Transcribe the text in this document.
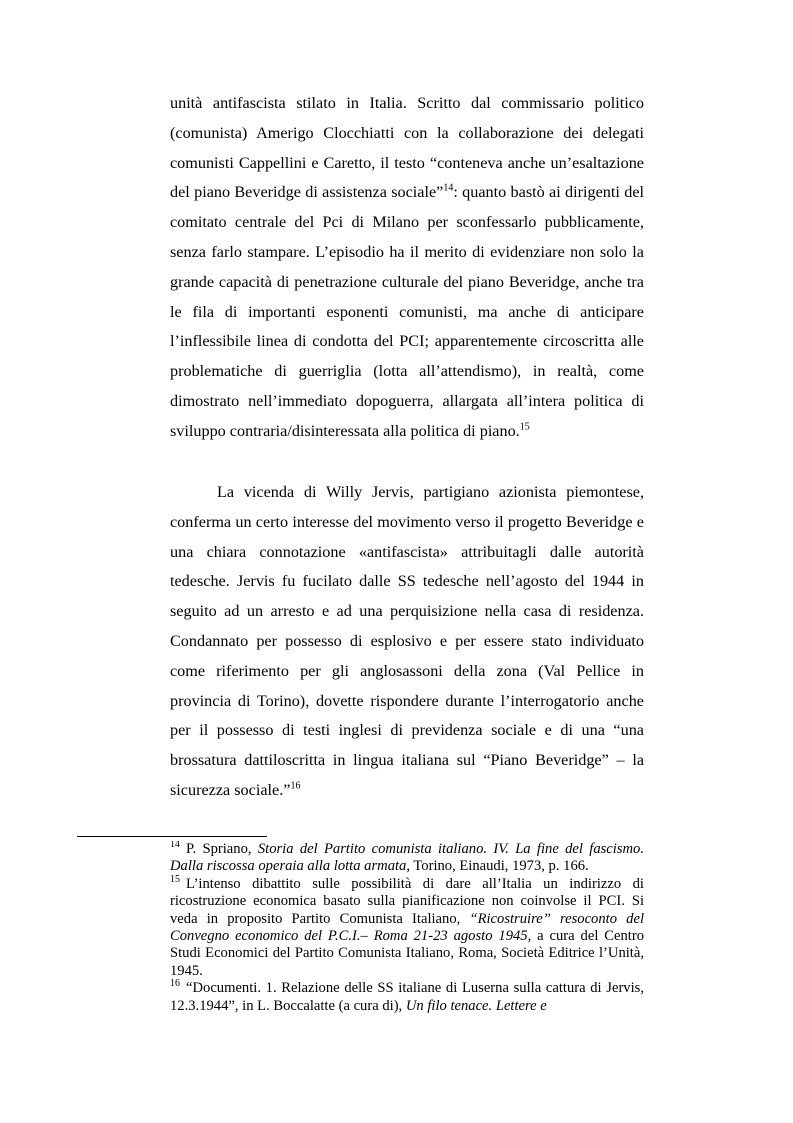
unità antifascista stilato in Italia. Scritto dal commissario politico (comunista) Amerigo Clocchiatti con la collaborazione dei delegati comunisti Cappellini e Caretto, il testo “conteneva anche un’esaltazione del piano Beveridge di assistenza sociale”$^{14}$: quanto bastò ai dirigenti del comitato centrale del Pci di Milano per sconfessarlo pubblicamente, senza farlo stampare. L’episodio ha il merito di evidenziare non solo la grande capacità di penetrazione culturale del piano Beveridge, anche tra le fila di importanti esponenti comunisti, ma anche di anticipare l’inflessibile linea di condotta del PCI; apparentemente circoscritta alle problematiche di guerriglia (lotta all’attendismo), in realtà, come dimostrato nell’immediato dopoguerra, allargata all’intera politica di sviluppo contraria/disinteressata alla politica di piano.$^{15}$

La vicenda di Willy Jervis, partigiano azionista piemontese, conferma un certo interesse del movimento verso il progetto Beveridge e una chiara connotazione «antifascista» attribuitagli dalle autorità tedesche. Jervis fu fucilato dalle SS tedesche nell’agosto del 1944 in seguito ad un arresto e ad una perquisizione nella casa di residenza. Condannato per possesso di esplosivo e per essere stato individuato come riferimento per gli anglosassoni della zona (Val Pellice in provincia di Torino), dovette rispondere durante l’interrogatorio anche per il possesso di testi inglesi di previdenza sociale e di una “una brossatura dattiloscritta in lingua italiana sul “Piano Beveridge” – la sicurezza sociale.”$^{16}$

$^{14}$ P. Spriano, Storia del Partito comunista italiano. IV. La fine del fascismo. Dalla riscossa operaia alla lotta armata, Torino, Einaudi, 1973, p. 166.

$^{15}$ L’intenso dibattito sulle possibilità di dare all’Italia un indirizzo di ricostruzione economica basato sulla pianificazione non coinvolse il PCI. Si veda in proposito Partito Comunista Italiano, “Ricostruire” resoconto del Convegno economico del P.C.I.– Roma 21-23 agosto 1945, a cura del Centro Studi Economici del Partito Comunista Italiano, Roma, Società Editrice l’Unità, 1945.

$^{16}$ “Documenti. 1. Relazione delle SS italiane di Luserna sulla cattura di Jervis, 12.3.1944”, in L. Boccalatte (a cura di), Un filo tenace. Lettere e
